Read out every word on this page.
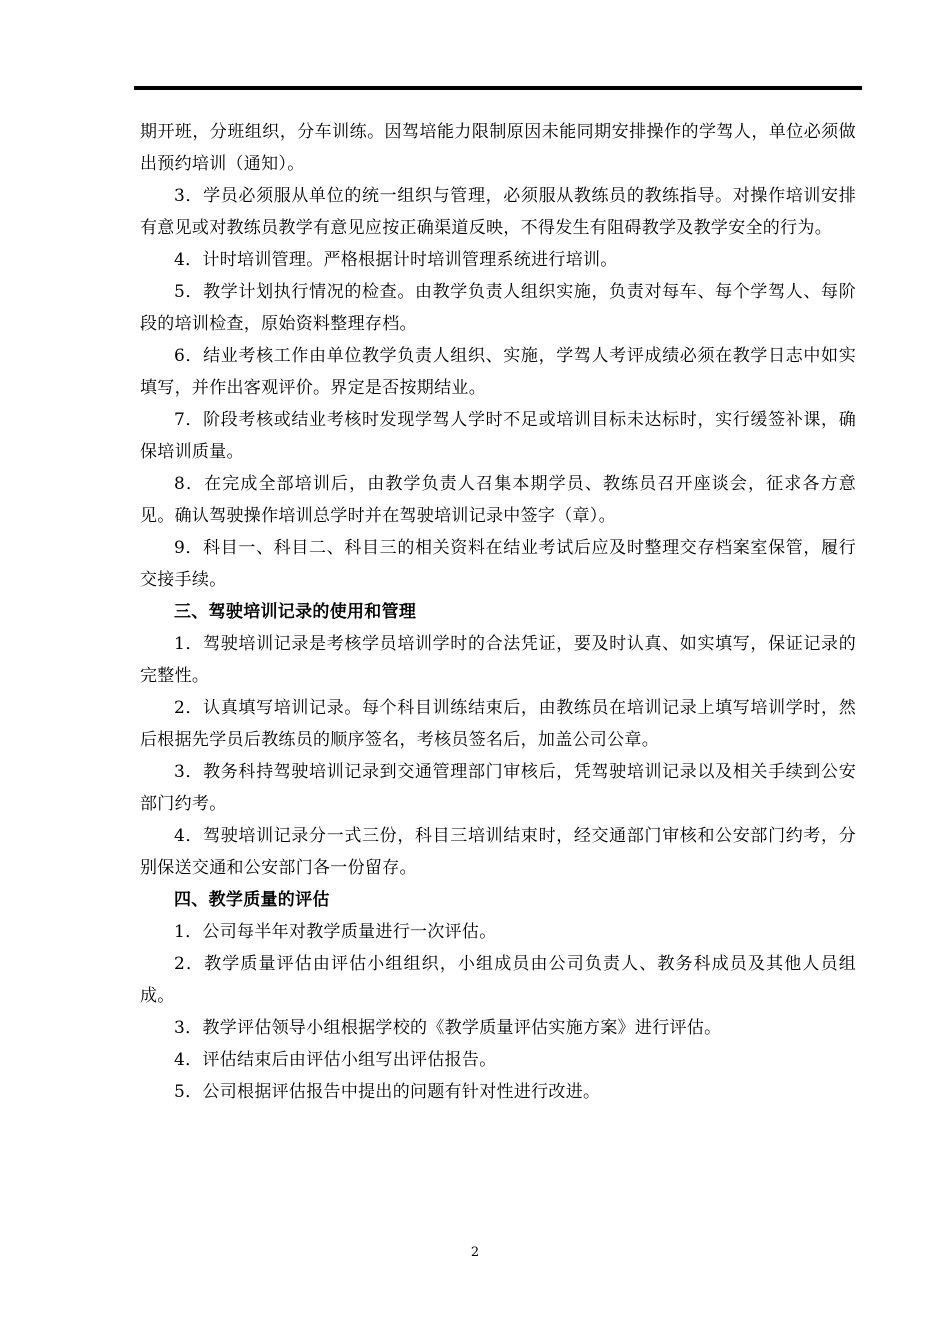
期开班，分班组织，分车训练。因驾培能力限制原因未能同期安排操作的学驾人，单位必须做出预约培训（通知）。

3．学员必须服从单位的统一组织与管理，必须服从教练员的教练指导。对操作培训安排有意见或对教练员教学有意见应按正确渠道反映，不得发生有阻碍教学及教学安全的行为。

4．计时培训管理。严格根据计时培训管理系统进行培训。

5．教学计划执行情况的检查。由教学负责人组织实施，负责对每车、每个学驾人、每阶段的培训检查，原始资料整理存档。

6．结业考核工作由单位教学负责人组织、实施，学驾人考评成绩必须在教学日志中如实填写，并作出客观评价。界定是否按期结业。

7．阶段考核或结业考核时发现学驾人学时不足或培训目标未达标时，实行缓签补课，确保培训质量。

8．在完成全部培训后，由教学负责人召集本期学员、教练员召开座谈会，征求各方意见。确认驾驶操作培训总学时并在驾驶培训记录中签字（章）。

9．科目一、科目二、科目三的相关资料在结业考试后应及时整理交存档案室保管，履行交接手续。

三、驾驶培训记录的使用和管理

1．驾驶培训记录是考核学员培训学时的合法凭证，要及时认真、如实填写，保证记录的完整性。

2．认真填写培训记录。每个科目训练结束后，由教练员在培训记录上填写培训学时，然后根据先学员后教练员的顺序签名，考核员签名后，加盖公司公章。

3．教务科持驾驶培训记录到交通管理部门审核后，凭驾驶培训记录以及相关手续到公安部门约考。

4．驾驶培训记录分一式三份，科目三培训结束时，经交通部门审核和公安部门约考，分别保送交通和公安部门各一份留存。

四、教学质量的评估

1．公司每半年对教学质量进行一次评估。

2．教学质量评估由评估小组组织，小组成员由公司负责人、教务科成员及其他人员组成。

3．教学评估领导小组根据学校的《教学质量评估实施方案》进行评估。

4．评估结束后由评估小组写出评估报告。

5．公司根据评估报告中提出的问题有针对性进行改进。

2
